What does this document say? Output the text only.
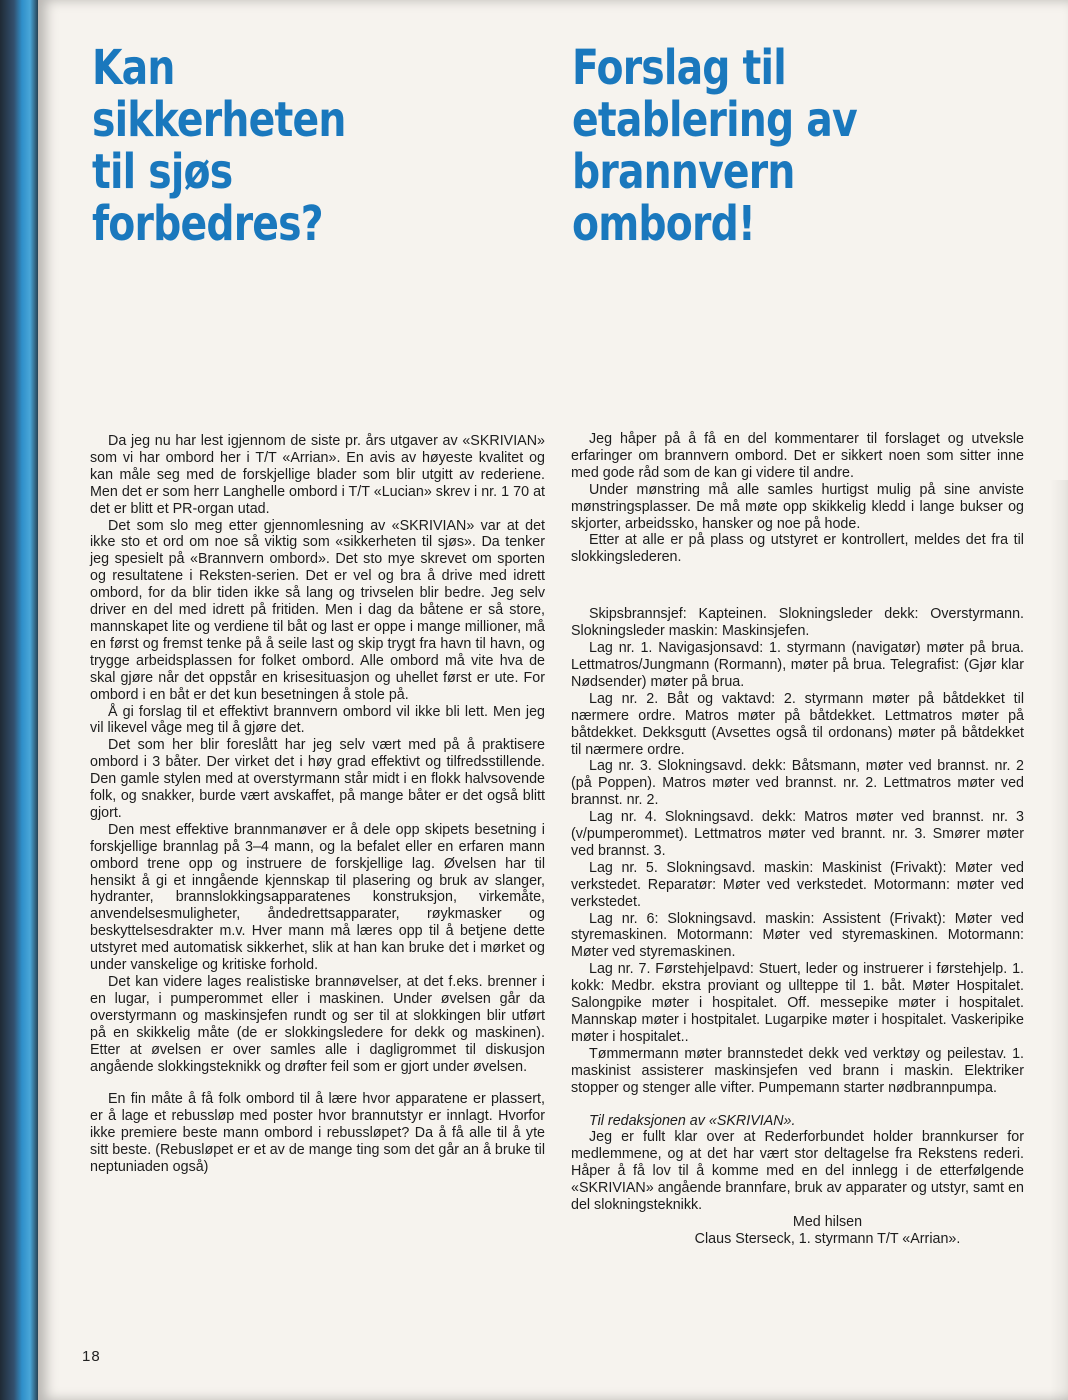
Kan
sikkerheten
til sjøs
forbedres?
Forslag til
etablering av
brannvern
ombord!

Da jeg nu har lest igjennom de siste pr. års utgaver av «SKRIVIAN» som vi har ombord her i T/T «Arrian». En avis av høyeste kvalitet og kan måle seg med de forskjellige blader som blir utgitt av rederiene. Men det er som herr Langhelle ombord i T/T «Lucian» skrev i nr. 1 70 at det er blitt et PR-organ utad.

Det som slo meg etter gjennomlesning av «SKRIVIAN» var at det ikke sto et ord om noe så viktig som «sikkerheten til sjøs». Da tenker jeg spesielt på «Brannvern ombord». Det sto mye skrevet om sporten og resultatene i Reksten-serien. Det er vel og bra å drive med idrett ombord, for da blir tiden ikke så lang og trivselen blir bedre. Jeg selv driver en del med idrett på fritiden. Men i dag da båtene er så store, mannskapet lite og verdiene til båt og last er oppe i mange millioner, må en først og fremst tenke på å seile last og skip trygt fra havn til havn, og trygge arbeidsplassen for folket ombord. Alle ombord må vite hva de skal gjøre når det oppstår en krisesituasjon og uhellet først er ute. For ombord i en båt er det kun besetningen å stole på.

Å gi forslag til et effektivt brannvern ombord vil ikke bli lett. Men jeg vil likevel våge meg til å gjøre det.

Det som her blir foreslått har jeg selv vært med på å praktisere ombord i 3 båter. Der virket det i høy grad effektivt og tilfredsstillende. Den gamle stylen med at overstyrmann står midt i en flokk halvsovende folk, og snakker, burde vært avskaffet, på mange båter er det også blitt gjort.

Den mest effektive brannmanøver er å dele opp skipets besetning i forskjellige brannlag på 3–4 mann, og la befalet eller en erfaren mann ombord trene opp og instruere de forskjellige lag. Øvelsen har til hensikt å gi et inngående kjennskap til plasering og bruk av slanger, hydranter, brannslokkingsapparatenes konstruksjon, virkemåte, anvendelsesmuligheter, åndedrettsapparater, røykmasker og beskyttelsesdrakter m.v. Hver mann må læres opp til å betjene dette utstyret med automatisk sikkerhet, slik at han kan bruke det i mørket og under vanskelige og kritiske forhold.

Det kan videre lages realistiske brannøvelser, at det f.eks. brenner i en lugar, i pumperommet eller i maskinen. Under øvelsen går da overstyrmann og maskinsjefen rundt og ser til at slokkingen blir utført på en skikkelig måte (de er slokkingsledere for dekk og maskinen). Etter at øvelsen er over samles alle i dagligrommet til diskusjon angående slokkingsteknikk og drøfter feil som er gjort under øvelsen.

En fin måte å få folk ombord til å lære hvor apparatene er plassert, er å lage et rebussløp med poster hvor brannutstyr er innlagt. Hvorfor ikke premiere beste mann ombord i rebussløpet? Da å få alle til å yte sitt beste. (Rebusløpet er et av de mange ting som det går an å bruke til neptuniaden også)

Jeg håper på å få en del kommentarer til forslaget og utveksle erfaringer om brannvern ombord. Det er sikkert noen som sitter inne med gode råd som de kan gi videre til andre.

Under mønstring må alle samles hurtigst mulig på sine anviste mønstringsplasser. De må møte opp skikkelig kledd i lange bukser og skjorter, arbeidssko, hansker og noe på hode.

Etter at alle er på plass og utstyret er kontrollert, meldes det fra til slokkingslederen.

Skipsbrannsjef: Kapteinen. Slokningsleder dekk: Overstyrmann. Slokningsleder maskin: Maskinsjefen.

Lag nr. 1. Navigasjonsavd: 1. styrmann (navigatør) møter på brua. Lettmatros/Jungmann (Rormann), møter på brua. Telegrafist: (Gjør klar Nødsender) møter på brua.

Lag nr. 2. Båt og vaktavd: 2. styrmann møter på båtdekket til nærmere ordre. Matros møter på båtdekket. Lettmatros møter på båtdekket. Dekksgutt (Avsettes også til ordonans) møter på båtdekket til nærmere ordre.

Lag nr. 3. Slokningsavd. dekk: Båtsmann, møter ved brannst. nr. 2 (på Poppen). Matros møter ved brannst. nr. 2. Lettmatros møter ved brannst. nr. 2.

Lag nr. 4. Slokningsavd. dekk: Matros møter ved brannst. nr. 3 (v/pumperommet). Lettmatros møter ved brannt. nr. 3. Smører møter ved brannst. 3.

Lag nr. 5. Slokningsavd. maskin: Maskinist (Frivakt): Møter ved verkstedet. Reparatør: Møter ved verkstedet. Motormann: møter ved verkstedet.

Lag nr. 6: Slokningsavd. maskin: Assistent (Frivakt): Møter ved styremaskinen. Motormann: Møter ved styremaskinen. Motormann: Møter ved styremaskinen.

Lag nr. 7. Førstehjelpavd: Stuert, leder og instruerer i førstehjelp. 1. kokk: Medbr. ekstra proviant og ullteppe til 1. båt. Møter Hospitalet. Salongpike møter i hospitalet. Off. messepike møter i hospitalet. Mannskap møter i hostpitalet. Lugarpike møter i hospitalet. Vaskeripike møter i hospitalet..

Tømmermann møter brannstedet dekk ved verktøy og peilestav. 1. maskinist assisterer maskinsjefen ved brann i maskin. Elektriker stopper og stenger alle vifter. Pumpemann starter nødbrannpumpa.

Til redaksjonen av «SKRIVIAN».

Jeg er fullt klar over at Rederforbundet holder brannkurser for medlemmene, og at det har vært stor deltagelse fra Rekstens rederi. Håper å få lov til å komme med en del innlegg i de etterfølgende «SKRIVIAN» angående brannfare, bruk av apparater og utstyr, samt en del slokningsteknikk.

Med hilsen

Claus Sterseck, 1. styrmann T/T «Arrian».

18
